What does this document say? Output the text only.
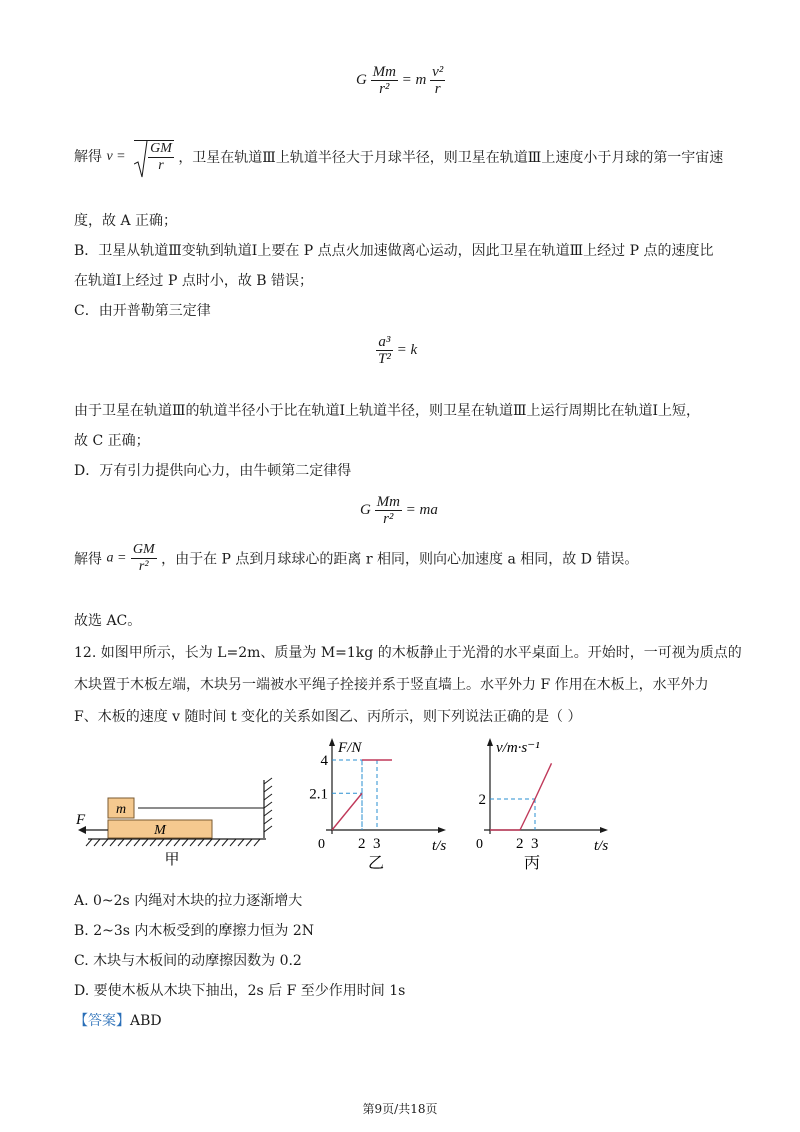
G $\frac{Mm}{\text{r²}} = m \frac{\text{v²}}{r}$
解得 $v = \frac{GM}{r}$ ，卫星在轨道Ⅲ上轨道半径大于月球半径，则卫星在轨道Ⅲ上速度小于月球的第一宇宙速
度，故 A 正确；
B．卫星从轨道Ⅲ变轨到轨道Ⅰ上要在 P 点点火加速做离心运动，因此卫星在轨道Ⅲ上经过 P 点的速度比
在轨道Ⅰ上经过 P 点时小，故 B 错误；
C．由开普勒第三定律
$\frac{\text{a³}}{\text{T²}} = k$
由于卫星在轨道Ⅲ的轨道半径小于比在轨道Ⅰ上轨道半径，则卫星在轨道Ⅲ上运行周期比在轨道Ⅰ上短，
故 C 正确；
D．万有引力提供向心力，由牛顿第二定律得
G $\frac{Mm}{\text{r²}}$ = ma
解得 $a = \frac{GM}{\text{r²}}$ ，由于在 P 点到月球球心的距离 r 相同，则向心加速度 a 相同，故 D 错误。
故选 AC。
12. 如图甲所示，长为 L=2m、质量为 M=1kg 的木板静止于光滑的水平桌面上。开始时，一可视为质点的
木块置于木板左端，木块另一端被水平绳子拴接并系于竖直墙上。水平外力 F 作用在木板上，水平外力
F、木板的速度 v 随时间 t 变化的关系如图乙、丙所示，则下列说法正确的是（ ）
m
M
F
甲
0
F/N
t/s
2 3
2.1
4
乙
0
v/m·s⁻¹
t/s
2 3
2
丙
A. 0~2s 内绳对木块的拉力逐渐增大
B. 2~3s 内木板受到的摩擦力恒为 2N
C. 木块与木板间的动摩擦因数为 0.2
D. 要使木板从木块下抽出，2s 后 F 至少作用时间 1s
【答案】ABD
第9页/共18页
